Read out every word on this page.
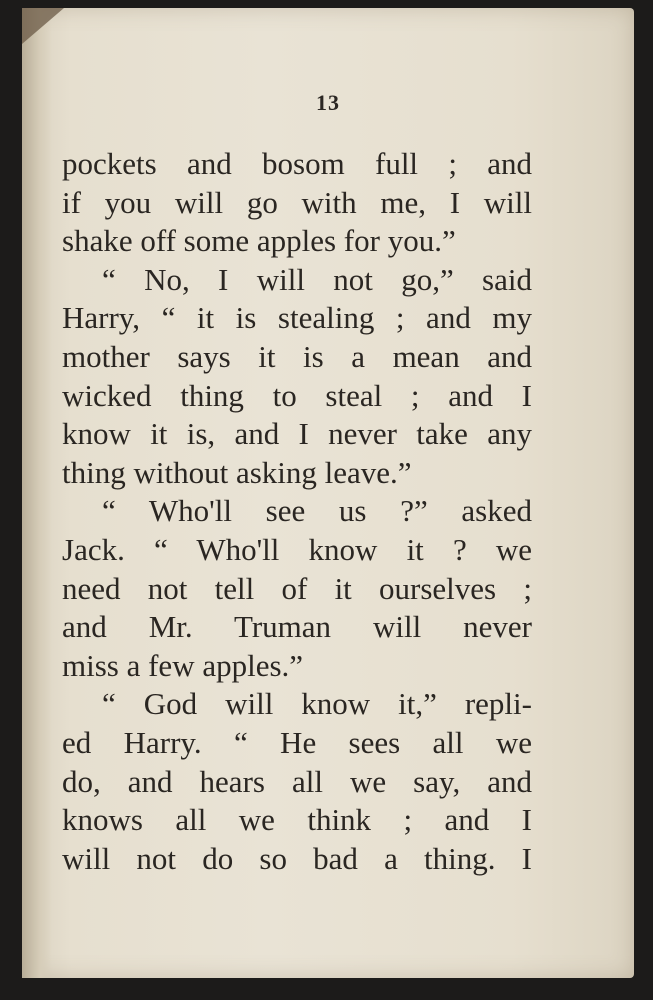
13
pockets and bosom full ; and
if you will go with me, I will
shake off some apples for you.”
“ No, I will not go,” said
Harry, “ it is stealing ; and my
mother says it is a mean and
wicked thing to steal ; and I
know it is, and I never take any
thing without asking leave.”
“ Who'll see us ?” asked
Jack. “ Who'll know it ? we
need not tell of it ourselves ;
and Mr. Truman will never
miss a few apples.”
“ God will know it,” repli-
ed Harry. “ He sees all we
do, and hears all we say, and
knows all we think ; and I
will not do so bad a thing. I
